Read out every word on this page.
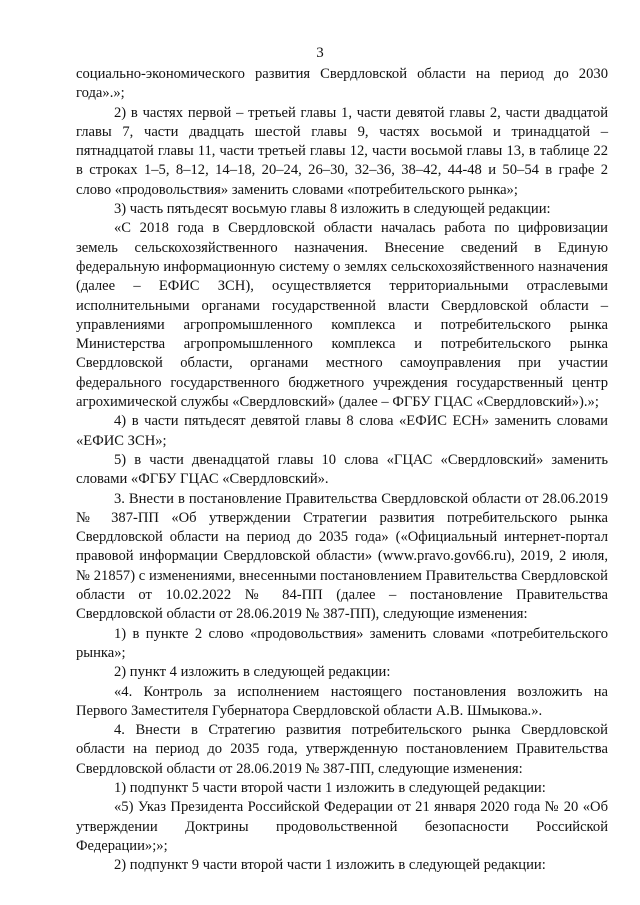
3

социально-экономического развития Свердловской области на период до 2030 года».»;

2) в частях первой – третьей главы 1, части девятой главы 2, части двадцатой главы 7, части двадцать шестой главы 9, частях восьмой и тринадцатой – пятнадцатой главы 11, части третьей главы 12, части восьмой главы 13, в таблице 22 в строках 1–5, 8–12, 14–18, 20–24, 26–30, 32–36, 38–42, 44-48 и 50–54 в графе 2 слово «продовольствия» заменить словами «потребительского рынка»;

3) часть пятьдесят восьмую главы 8 изложить в следующей редакции:

«С 2018 года в Свердловской области началась работа по цифровизации земель сельскохозяйственного назначения. Внесение сведений в Единую федеральную информационную систему о землях сельскохозяйственного назначения (далее – ЕФИС ЗСН), осуществляется территориальными отраслевыми исполнительными органами государственной власти Свердловской области – управлениями агропромышленного комплекса и потребительского рынка Министерства агропромышленного комплекса и потребительского рынка Свердловской области, органами местного самоуправления при участии федерального государственного бюджетного учреждения государственный центр агрохимической службы «Свердловский» (далее – ФГБУ ГЦАС «Свердловский»).»;

4) в части пятьдесят девятой главы 8 слова «ЕФИС ЕСН» заменить словами «ЕФИС ЗСН»;

5) в части двенадцатой главы 10 слова «ГЦАС «Свердловский» заменить словами «ФГБУ ГЦАС «Свердловский».

3. Внести в постановление Правительства Свердловской области от 28.06.2019 № 387-ПП «Об утверждении Стратегии развития потребительского рынка Свердловской области на период до 2035 года» («Официальный интернет-портал правовой информации Свердловской области» (www.pravo.gov66.ru), 2019, 2 июля, № 21857) с изменениями, внесенными постановлением Правительства Свердловской области от 10.02.2022 № 84-ПП (далее – постановление Правительства Свердловской области от 28.06.2019 № 387-ПП), следующие изменения:

1) в пункте 2 слово «продовольствия» заменить словами «потребительского рынка»;

2) пункт 4 изложить в следующей редакции:

«4. Контроль за исполнением настоящего постановления возложить на Первого Заместителя Губернатора Свердловской области А.В. Шмыкова.».

4. Внести в Стратегию развития потребительского рынка Свердловской области на период до 2035 года, утвержденную постановлением Правительства Свердловской области от 28.06.2019 № 387-ПП, следующие изменения:

1) подпункт 5 части второй части 1 изложить в следующей редакции:

«5) Указ Президента Российской Федерации от 21 января 2020 года № 20 «Об утверждении Доктрины продовольственной безопасности Российской Федерации»;»;

2) подпункт 9 части второй части 1 изложить в следующей редакции:
